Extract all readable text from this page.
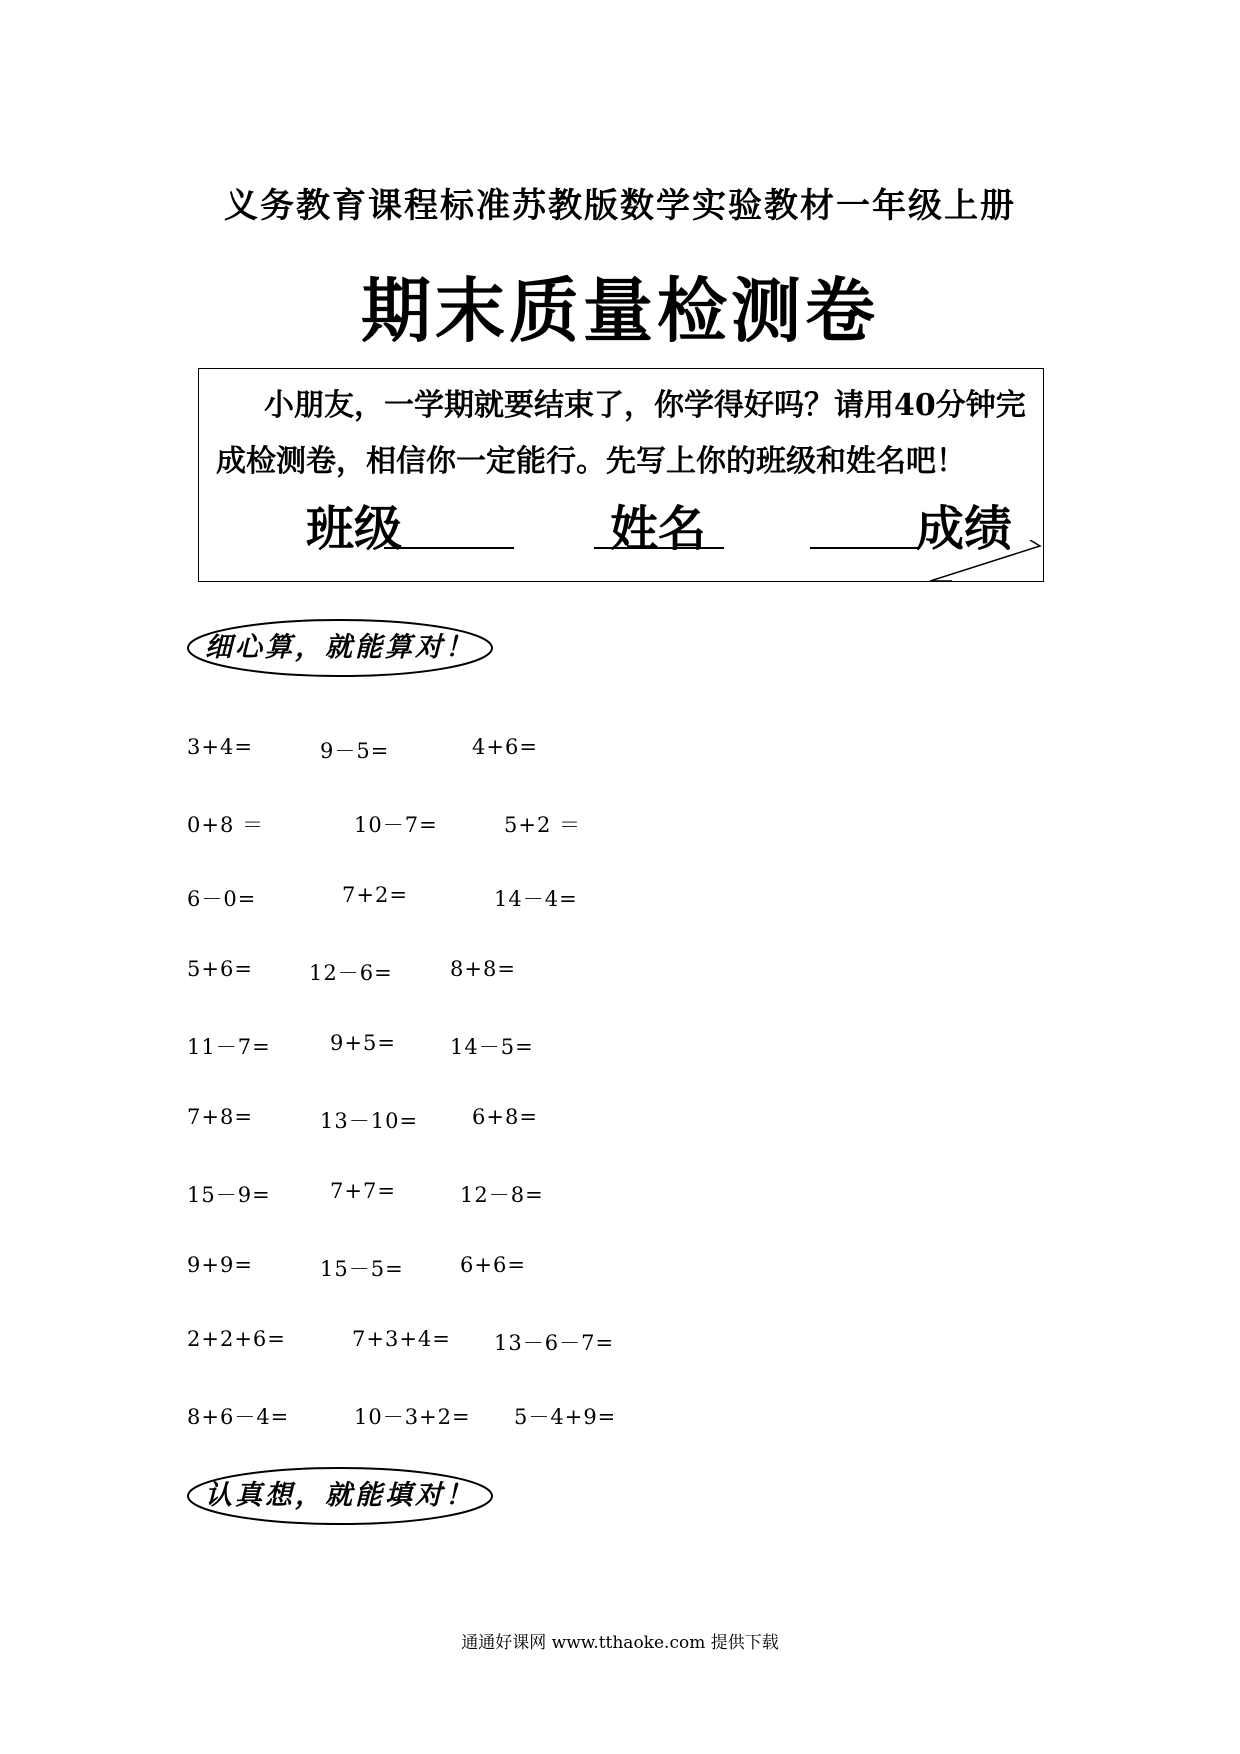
义务教育课程标准苏教版数学实验教材一年级上册
期末质量检测卷
小朋友，一学期就要结束了，你学得好吗？请用40分钟完成检测卷，相信你一定能行。先写上你的班级和姓名吧！
班级	姓名	成绩
细心算，就能算对！
3+4=	9－5=	4+6=
0+8 ＝	10－7=	5+2 ＝
6－0=	7+2=	14－4=
5+6=	12－6=	8+8=
11－7=	9+5=	14－5=
7+8=	13－10=	6+8=
15－9=	7+7=	12－8=
9+9=	15－5=	6+6=
2+2+6=	7+3+4= 13－6－7=
8+6－4=	10－3+2= 5－4+9=
认真想，就能填对！
通通好课网 www.tthaoke.com 提供下载
